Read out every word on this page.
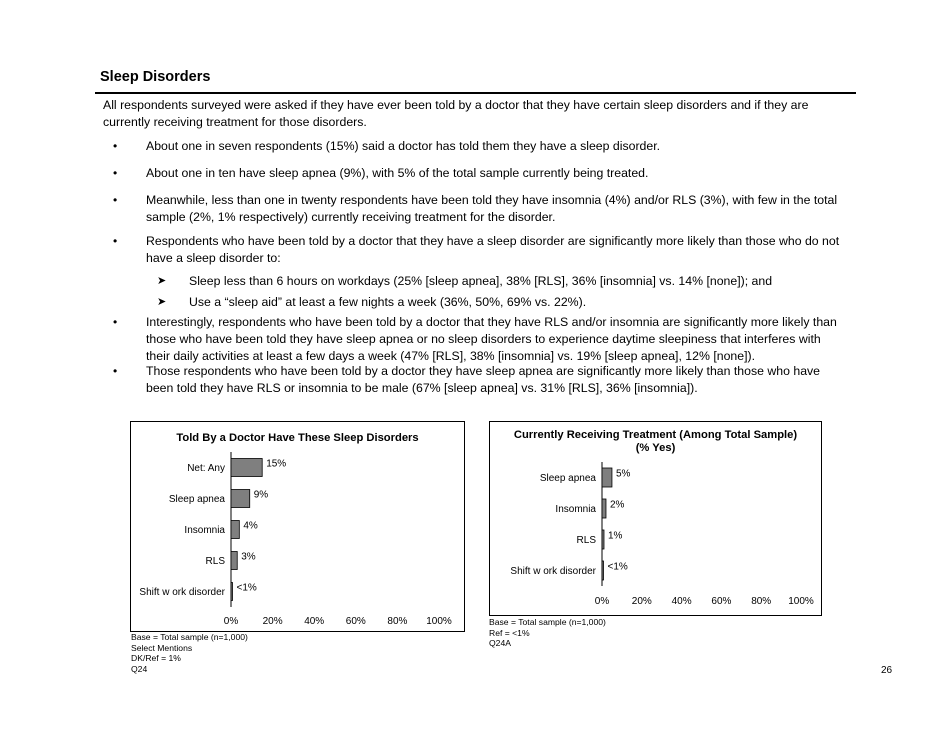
Sleep Disorders
All respondents surveyed were asked if they have ever been told by a doctor that they have certain sleep disorders and if they are currently receiving treatment for those disorders.
• About one in seven respondents (15%) said a doctor has told them they have a sleep disorder.
• About one in ten have sleep apnea (9%), with 5% of the total sample currently being treated.
• Meanwhile, less than one in twenty respondents have been told they have insomnia (4%) and/or RLS (3%), with few in the total sample (2%, 1% respectively) currently receiving treatment for the disorder.
• Respondents who have been told by a doctor that they have a sleep disorder are significantly more likely than those who do not have a sleep disorder to:
➤ Sleep less than 6 hours on workdays (25% [sleep apnea], 38% [RLS], 36% [insomnia] vs. 14% [none]); and
➤ Use a “sleep aid” at least a few nights a week (36%, 50%, 69% vs. 22%).
• Interestingly, respondents who have been told by a doctor that they have RLS and/or insomnia are significantly more likely than those who have been told they have sleep apnea or no sleep disorders to experience daytime sleepiness that interferes with their daily activities at least a few days a week (47% [RLS], 38% [insomnia] vs. 19% [sleep apnea], 12% [none]).
• Those respondents who have been told by a doctor they have sleep apnea are significantly more likely than those who have been told they have RLS or insomnia to be male (67% [sleep apnea] vs. 31% [RLS], 36% [insomnia]).
Told By a Doctor Have These Sleep Disorders
Net: Any	15%
Sleep apnea	9%
Insomnia 4%
RLS 3%
Shift w ork disorder <1%
0% 20% 40% 60% 80% 100%
Base = Total sample (n=1,000)
Select Mentions
DK/Ref = 1%
Q24
Currently Receiving Treatment (Among Total Sample)
(% Yes)
Sleep apnea 5%
Insomnia 2%
RLS 1%
Shift w ork disorder <1%
0% 20% 40% 60% 80% 100%
Base = Total sample (n=1,000)
Ref = <1%
Q24A
26
